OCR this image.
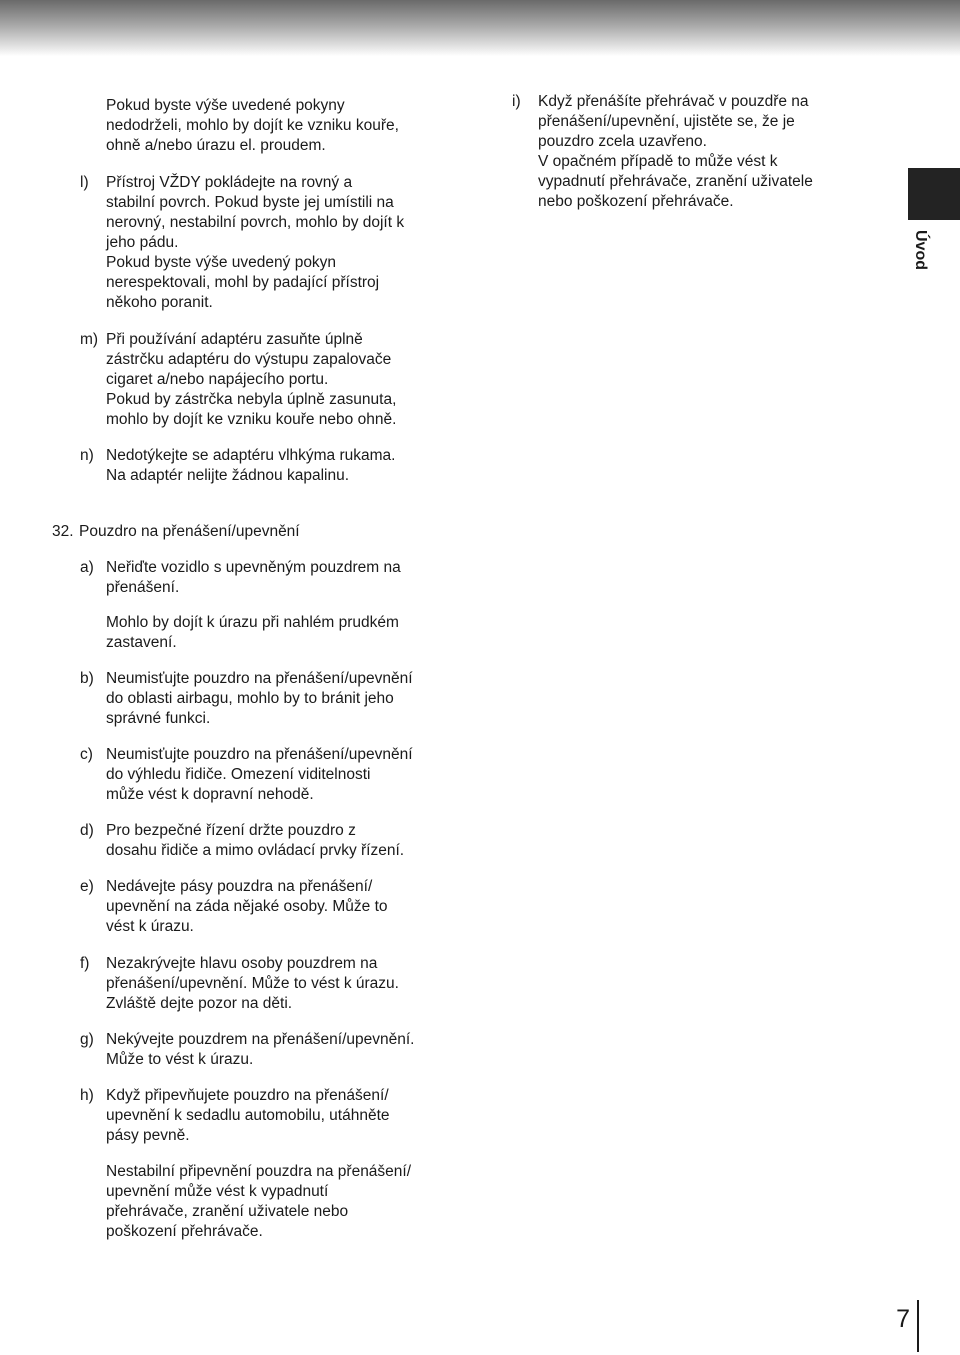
Pokud byste výše uvedené pokyny
nedodrželi, mohlo by dojít ke vzniku kouře,
ohně a/nebo úrazu el. proudem.
l)	Přístroj VŽDY pokládejte na rovný a
stabilní povrch. Pokud byste jej umístili na
nerovný, nestabilní povrch, mohlo by dojít k
jeho pádu.
Pokud byste výše uvedený pokyn
nerespektovali, mohl by padající přístroj
někoho poranit.
i)	Když přenášíte přehrávač v pouzdře na
přenášení/upevnění, ujistěte se, že je
pouzdro zcela uzavřeno.
V opačném případě to může vést k
vypadnutí přehrávače, zranění uživatele
nebo poškození přehrávače.
m) Při používání adaptéru zasuňte úplně
zástrčku adaptéru do výstupu zapalovače
cigaret a/nebo napájecího portu.
Pokud by zástrčka nebyla úplně zasunuta,
mohlo by dojít ke vzniku kouře nebo ohně.
n) Nedotýkejte se adaptéru vlhkýma rukama.
Na adaptér nelijte žádnou kapalinu.
32. Pouzdro na přenášení/upevnění
a) Neřiďte vozidlo s upevněným pouzdrem na
přenášení.
Mohlo by dojít k úrazu při nahlém prudkém
zastavení.
b) Neumisťujte pouzdro na přenášení/upevnění
do oblasti airbagu, mohlo by to bránit jeho
správné funkci.
c) Neumisťujte pouzdro na přenášení/upevnění
do výhledu řidiče. Omezení viditelnosti
může vést k dopravní nehodě.
d) Pro bezpečné řízení držte pouzdro z
dosahu řidiče a mimo ovládací prvky řízení.
e) Nedávejte pásy pouzdra na přenášení/
upevnění na záda nějaké osoby. Může to
vést k úrazu.
f)	Nezakrývejte hlavu osoby pouzdrem na
přenášení/upevnění. Může to vést k úrazu.
Zvláště dejte pozor na děti.
g) Nekývejte pouzdrem na přenášení/upevnění.
Může to vést k úrazu.
h) Když připevňujete pouzdro na přenášení/
upevnění k sedadlu automobilu, utáhněte
pásy pevně.
Nestabilní připevnění pouzdra na přenášení/
upevnění může vést k vypadnutí
přehrávače, zranění uživatele nebo
poškození přehrávače.
Úvod
7
